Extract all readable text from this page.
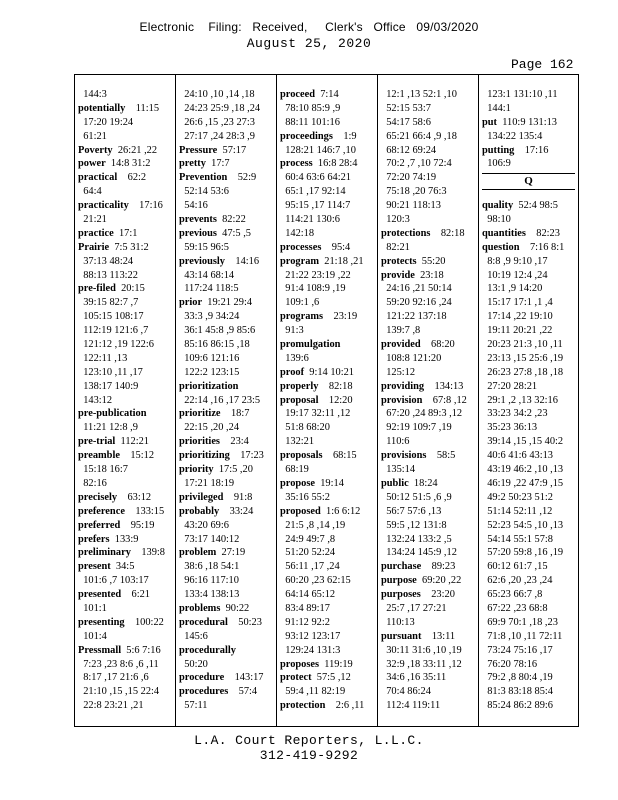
Electronic    Filing:   Received,     Clerk's   Office   09/03/2020
August 25, 2020
Page 162
144:3
potentially    11:15
17:20 19:24
61:21
Poverty  26:21 ,22
power  14:8 31:2
practical    62:2
64:4
practicality    17:16
21:21
practice  17:1
Prairie  7:5 31:2
37:13 48:24
88:13 113:22
pre-filed  20:15
39:15 82:7 ,7
105:15 108:17
112:19 121:6 ,7
121:12 ,19 122:6
122:11 ,13
123:10 ,11 ,17
138:17 140:9
143:12
pre-publication
11:21 12:8 ,9
pre-trial  112:21
preamble    15:12
15:18 16:7
82:16
precisely    63:12
preference    133:15
preferred    95:19
prefers  133:9
preliminary    139:8
present  34:5
101:6 ,7 103:17
presented    6:21
101:1
presenting    100:22
101:4
Pressmall  5:6 7:16
7:23 ,23 8:6 ,6 ,11
8:17 ,17 21:6 ,6
21:10 ,15 ,15 22:4
22:8 23:21 ,21
24:10 ,10 ,14 ,18
24:23 25:9 ,18 ,24
26:6 ,15 ,23 27:3
27:17 ,24 28:3 ,9
Pressure  57:17
pretty  17:7
Prevention    52:9
52:14 53:6
54:16
prevents  82:22
previous  47:5 ,5
59:15 96:5
previously    14:16
43:14 68:14
117:24 118:5
prior  19:21 29:4
33:3 ,9 34:24
36:1 45:8 ,9 85:6
85:16 86:15 ,18
109:6 121:16
122:2 123:15
prioritization
22:14 ,16 ,17 23:5
prioritize    18:7
22:15 ,20 ,24
priorities    23:4
prioritizing    17:23
priority  17:5 ,20
17:21 18:19
privileged    91:8
probably    33:24
43:20 69:6
73:17 140:12
problem  27:19
38:6 ,18 54:1
96:16 117:10
133:4 138:13
problems  90:22
procedural    50:23
145:6
procedurally
50:20
procedure    143:17
procedures    57:4
57:11
proceed  7:14
78:10 85:9 ,9
88:11 101:16
proceedings    1:9
128:21 146:7 ,10
process  16:8 28:4
60:4 63:6 64:21
65:1 ,17 92:14
95:15 ,17 114:7
114:21 130:6
142:18
processes    95:4
program  21:18 ,21
21:22 23:19 ,22
91:4 108:9 ,19
109:1 ,6
programs    23:19
91:3
promulgation
139:6
proof  9:14 10:21
properly    82:18
proposal    12:20
19:17 32:11 ,12
51:8 68:20
132:21
proposals    68:15
68:19
propose  19:14
35:16 55:2
proposed  1:6 6:12
21:5 ,8 ,14 ,19
24:9 49:7 ,8
51:20 52:24
56:11 ,17 ,24
60:20 ,23 62:15
64:14 65:12
83:4 89:17
91:12 92:2
93:12 123:17
129:24 131:3
proposes  119:19
protect  57:5 ,12
59:4 ,11 82:19
protection    2:6 ,11
12:1 ,13 52:1 ,10
52:15 53:7
54:17 58:6
65:21 66:4 ,9 ,18
68:12 69:24
70:2 ,7 ,10 72:4
72:20 74:19
75:18 ,20 76:3
90:21 118:13
120:3
protections    82:18
82:21
protects  55:20
provide  23:18
24:16 ,21 50:14
59:20 92:16 ,24
121:22 137:18
139:7 ,8
provided    68:20
108:8 121:20
125:12
providing    134:13
provision    67:8 ,12
67:20 ,24 89:3 ,12
92:19 109:7 ,19
110:6
provisions    58:5
135:14
public  18:24
50:12 51:5 ,6 ,9
56:7 57:6 ,13
59:5 ,12 131:8
132:24 133:2 ,5
134:24 145:9 ,12
purchase    89:23
purpose  69:20 ,22
purposes    23:20
25:7 ,17 27:21
110:13
pursuant    13:11
30:11 31:6 ,10 ,19
32:9 ,18 33:11 ,12
34:6 ,16 35:11
70:4 86:24
112:4 119:11
123:1 131:10 ,11
144:1
put  110:9 131:13
134:22 135:4
putting    17:16
106:9
quality  52:4 98:5
98:10
quantities    82:23
question    7:16 8:1
8:8 ,9 9:10 ,17
10:19 12:4 ,24
13:1 ,9 14:20
15:17 17:1 ,1 ,4
17:14 ,22 19:10
19:11 20:21 ,22
20:23 21:3 ,10 ,11
23:13 ,15 25:6 ,19
26:23 27:8 ,18 ,18
27:20 28:21
29:1 ,2 ,13 32:16
33:23 34:2 ,23
35:23 36:13
39:14 ,15 ,15 40:2
40:6 41:6 43:13
43:19 46:2 ,10 ,13
46:19 ,22 47:9 ,15
49:2 50:23 51:2
51:14 52:11 ,12
52:23 54:5 ,10 ,13
54:14 55:1 57:8
57:20 59:8 ,16 ,19
60:12 61:7 ,15
62:6 ,20 ,23 ,24
65:23 66:7 ,8
67:22 ,23 68:8
69:9 70:1 ,18 ,23
71:8 ,10 ,11 72:11
73:24 75:16 ,17
76:20 78:16
79:2 ,8 80:4 ,19
81:3 83:18 85:4
85:24 86:2 89:6
Q
L.A. Court Reporters, L.L.C.
312-419-9292
